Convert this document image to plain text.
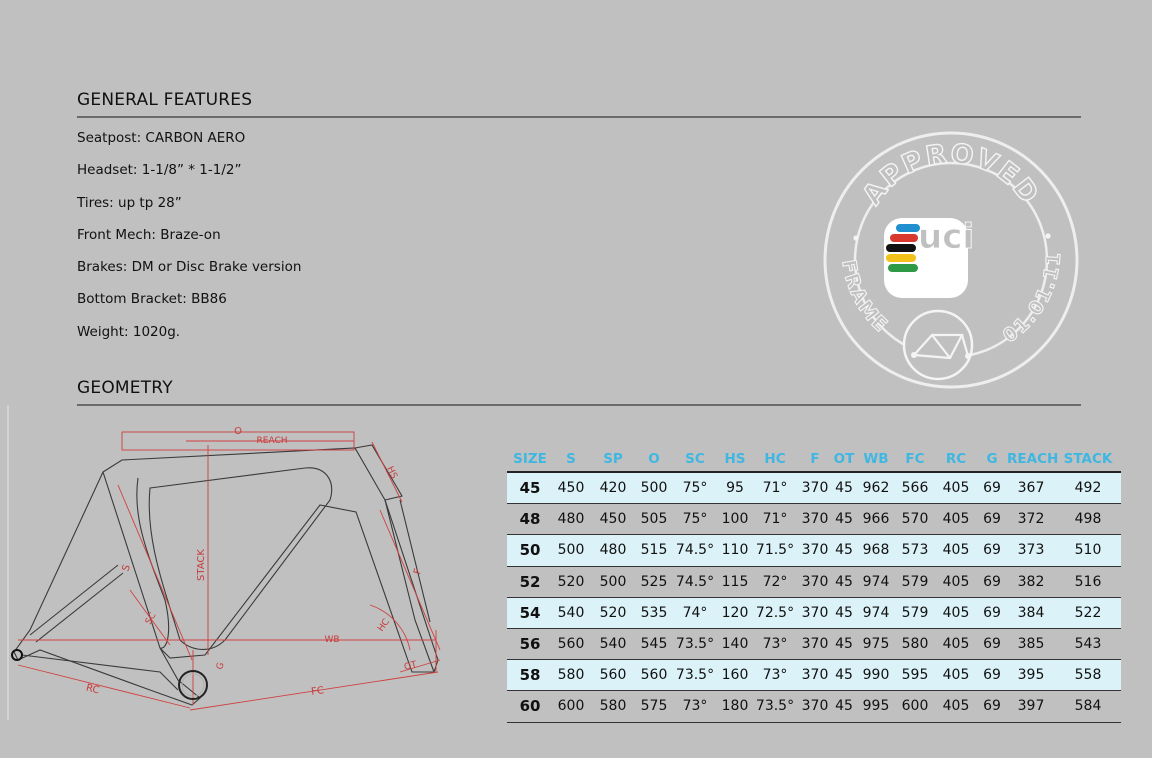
GENERAL FEATURES
Seatpost: CARBON AERO
Headset: 1-1/8” * 1-1/2”
Tires: up tp 28”
Front Mech: Braze-on
Brakes: DM or Disc Brake version
Bottom Bracket: BB86
Weight: 1020g.
APPROVED
FRAME	01.01.11
uci
GEOMETRY
O
REACH
HS
STACK
S
SC
F
HC
WB
OT
G
RC	FC
SIZE	S	SP	O	SC	HS	HC	F	OT	WB	FC	RC	G	REACH	STACK
45	450	420	500	75°	95	71°	370	45	962	566	405	69	367	492
48	480	450	505	75°	100	71°	370	45	966	570	405	69	372	498
50	500	480	515	74.5°	110	71.5°	370	45	968	573	405	69	373	510
52	520	500	525	74.5°	115	72°	370	45	974	579	405	69	382	516
54	540	520	535	74°	120	72.5°	370	45	974	579	405	69	384	522
56	560	540	545	73.5°	140	73°	370	45	975	580	405	69	385	543
58	580	560	560	73.5°	160	73°	370	45	990	595	405	69	395	558
60	600	580	575	73°	180	73.5°	370	45	995	600	405	69	397	584
